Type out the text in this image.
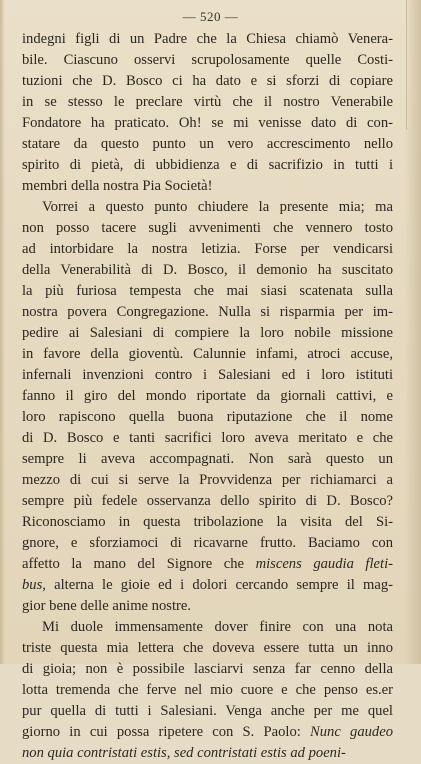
— 520 —
indegni figli di un Padre che la Chiesa chiamò Venera-
bile. Ciascuno osservi scrupolosamente quelle Costi-
tuzioni che D. Bosco ci ha dato e si sforzi di copiare
in se stesso le preclare virtù che il nostro Venerabile
Fondatore ha praticato. Oh! se mi venisse dato di con-
statare da questo punto un vero accrescimento nello
spirito di pietà, di ubbidienza e di sacrifizio in tutti i
membri della nostra Pia Società!
Vorrei a questo punto chiudere la presente mia; ma
non posso tacere sugli avvenimenti che vennero tosto
ad intorbidare la nostra letizia. Forse per vendicarsi
della Venerabilità di D. Bosco, il demonio ha suscitato
la più furiosa tempesta che mai siasi scatenata sulla
nostra povera Congregazione. Nulla si risparmia per im-
pedire ai Salesiani di compiere la loro nobile missione
in favore della gioventù. Calunnie infami, atroci accuse,
infernali invenzioni contro i Salesiani ed i loro istituti
fanno il giro del mondo riportate da giornali cattivi, e
loro rapiscono quella buona riputazione che il nome
di D. Bosco e tanti sacrifici loro aveva meritato e che
sempre li aveva accompagnati. Non sarà questo un
mezzo di cui si serve la Provvidenza per richiamarci a
sempre più fedele osservanza dello spirito di D. Bosco?
Riconosciamo in questa tribolazione la visita del Si-
gnore, e sforziamoci di ricavarne frutto. Baciamo con
affetto la mano del Signore che miscens gaudia fleti-
bus, alterna le gioie ed i dolori cercando sempre il mag-
gior bene delle anime nostre.
Mi duole immensamente dover finire con una nota
triste questa mia lettera che doveva essere tutta un inno
di gioia; non è possibile lasciarvi senza far cenno della
lotta tremenda che ferve nel mio cuore e che penso es.er
pur quella di tutti i Salesiani. Venga anche per me quel
giorno in cui possa ripetere con S. Paolo: Nunc gaudeo
non quia contristati estis, sed contristati estis ad poeni-
